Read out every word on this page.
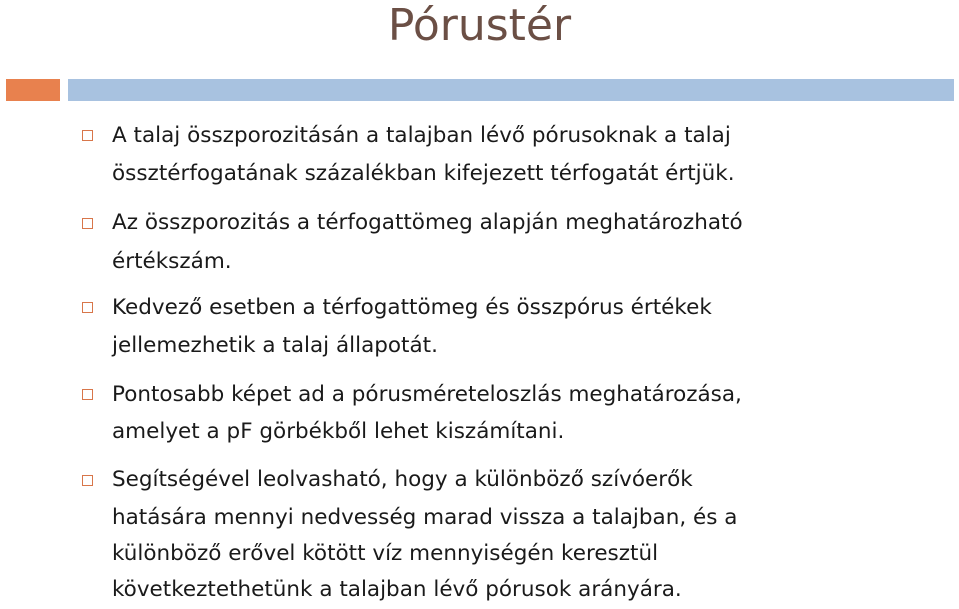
Pórustér
A talaj összporozitásán a talajban lévő pórusoknak a talaj
össztérfogatának százalékban kifejezett térfogatát értjük.
Az összporozitás a térfogattömeg alapján meghatározható
értékszám.
Kedvező esetben a térfogattömeg és összpórus értékek
jellemezhetik a talaj állapotát.
Pontosabb képet ad a pórusméreteloszlás meghatározása,
amelyet a pF görbékből lehet kiszámítani.
Segítségével leolvasható, hogy a különböző szívóerők
hatására mennyi nedvesség marad vissza a talajban, és a
különböző erővel kötött víz mennyiségén keresztül
következtethetünk a talajban lévő pórusok arányára.
